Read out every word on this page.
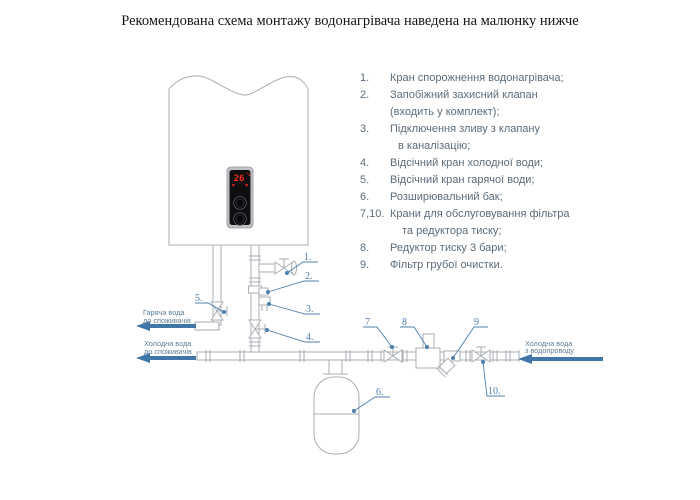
Рекомендована схема монтажу водонагрівача наведена на малюнку нижче
1.	Кран спорожнення водонагрівача;
2.	Запобіжний захисний клапан
(входить у комплект);
3.	Підключення зливу з клапану
в каналізацію;
4.	Відсічний кран холодної води;
5.	Відсічний кран гарячої води;
6.	Розширювальний бак;
7,10. Крани для обслуговування фільтра
та редуктора тиску;
8.	Редуктор тиску 3 бари;
9.	Фільтр грубої очистки.
26 °c
Гаряча вода
до споживачів
Холодна вода
до споживачів
Холодна вода
з водопроводу
1.
2.
3.
4.
5.
6.
7	8	9
10.
